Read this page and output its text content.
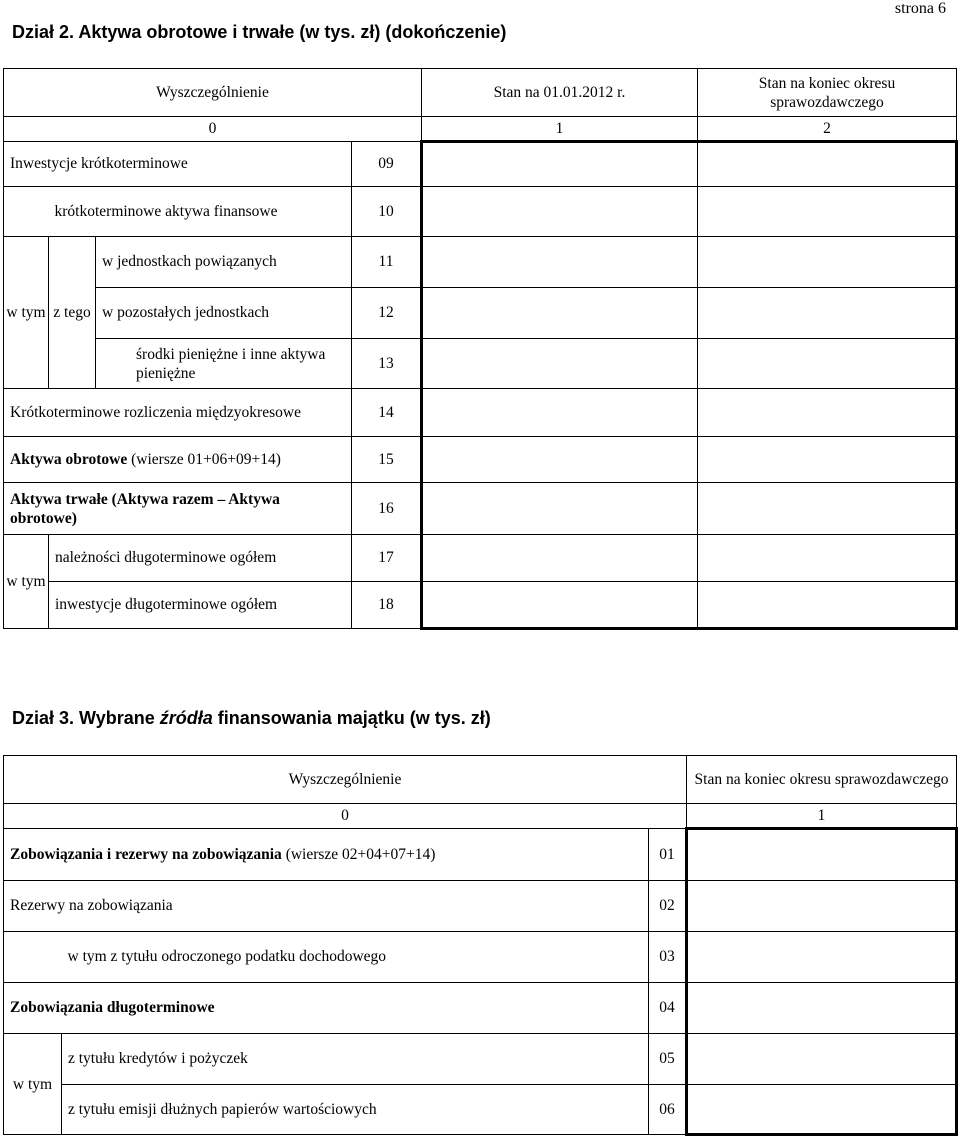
strona 6
Dział 2. Aktywa obrotowe i trwałe (w tys. zł) (dokończenie)
Wyszczególnienie				Stan na 01.01.2012 r.	Stan na koniec okresu sprawozdawczego
0				1	2
Inwestycje krótkoterminowe			09		
	krótkoterminowe aktywa finansowe		10		
w tym	z tego	w jednostkach powiązanych	11		
		w pozostałych jednostkach	12		
		środki pieniężne i inne aktywa pieniężne	13		
Krótkoterminowe rozliczenia międzyokresowe			14		
Aktywa obrotowe (wiersze 01+06+09+14)			15		
Aktywa trwałe (Aktywa razem – Aktywa obrotowe)			16		
w tym	należności długoterminowe ogółem		17		
	inwestycje długoterminowe ogółem		18		
Dział 3. Wybrane źródła finansowania majątku (w tys. zł)
Wyszczególnienie			Stan na koniec okresu sprawozdawczego
0			1
Zobowiązania i rezerwy na zobowiązania (wiersze 02+04+07+14)		01	
Rezerwy na zobowiązania		02	
	w tym z tytułu odroczonego podatku dochodowego	03	
Zobowiązania długoterminowe		04	
w tym	z tytułu kredytów i pożyczek	05	
	z tytułu emisji dłużnych papierów wartościowych	06	
